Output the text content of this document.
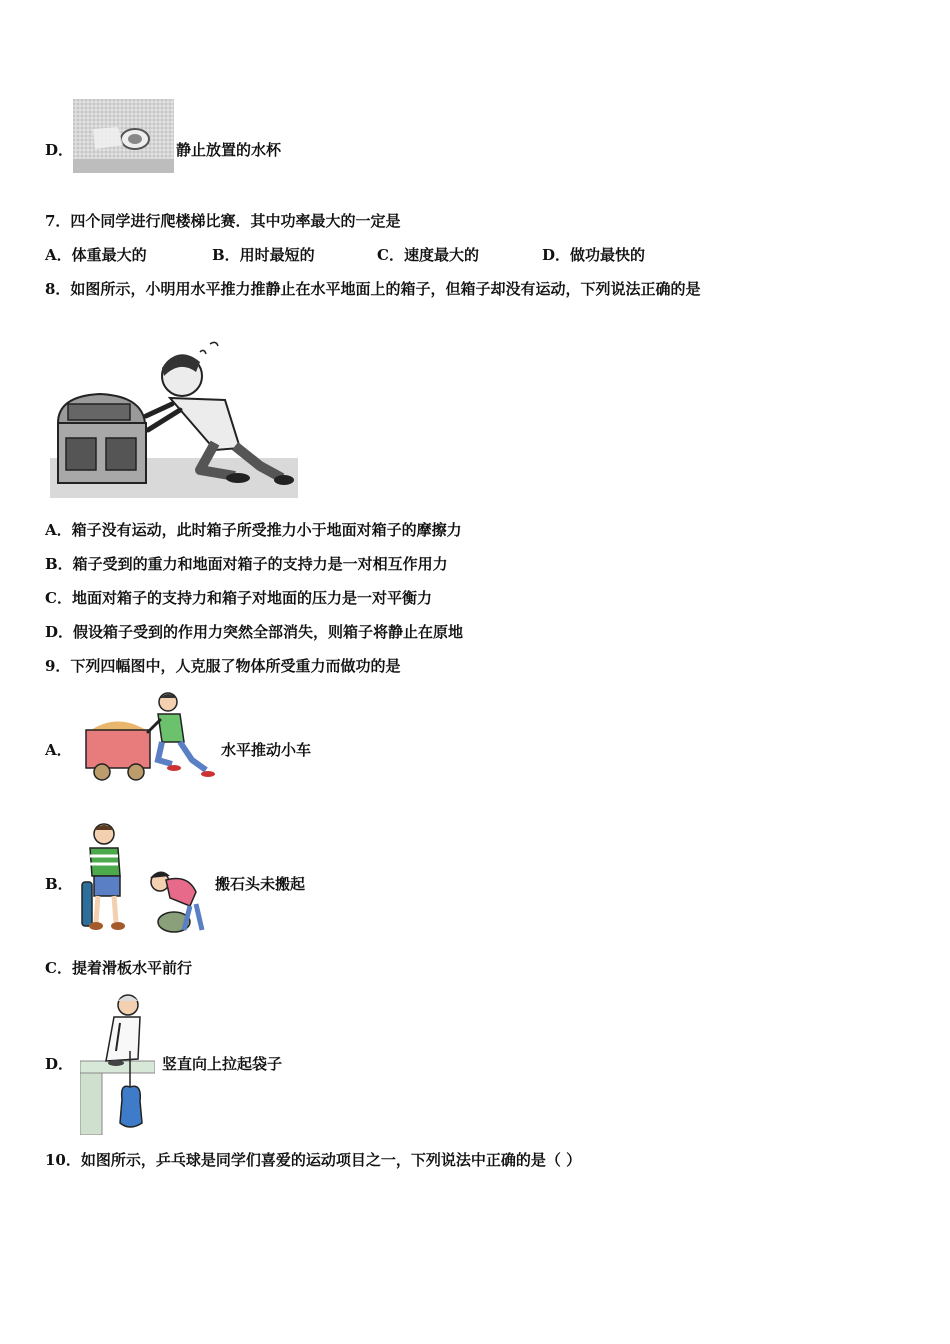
D．	静止放置的水杯
7．四个同学进行爬楼梯比赛．其中功率最大的一定是
A．体重最大的	B．用时最短的	C．速度最大的	D．做功最快的
8．如图所示，小明用水平推力推静止在水平地面上的箱子，但箱子却没有运动，下列说法正确的是
A．箱子没有运动，此时箱子所受推力小于地面对箱子的摩擦力
B．箱子受到的重力和地面对箱子的支持力是一对相互作用力
C．地面对箱子的支持力和箱子对地面的压力是一对平衡力
D．假设箱子受到的作用力突然全部消失，则箱子将静止在原地
9．下列四幅图中，人克服了物体所受重力而做功的是
A．	水平推动小车
B．	搬石头未搬起
C．提着滑板水平前行
D．	竖直向上拉起袋子
10．如图所示，乒乓球是同学们喜爱的运动项目之一，下列说法中正确的是（ ）
